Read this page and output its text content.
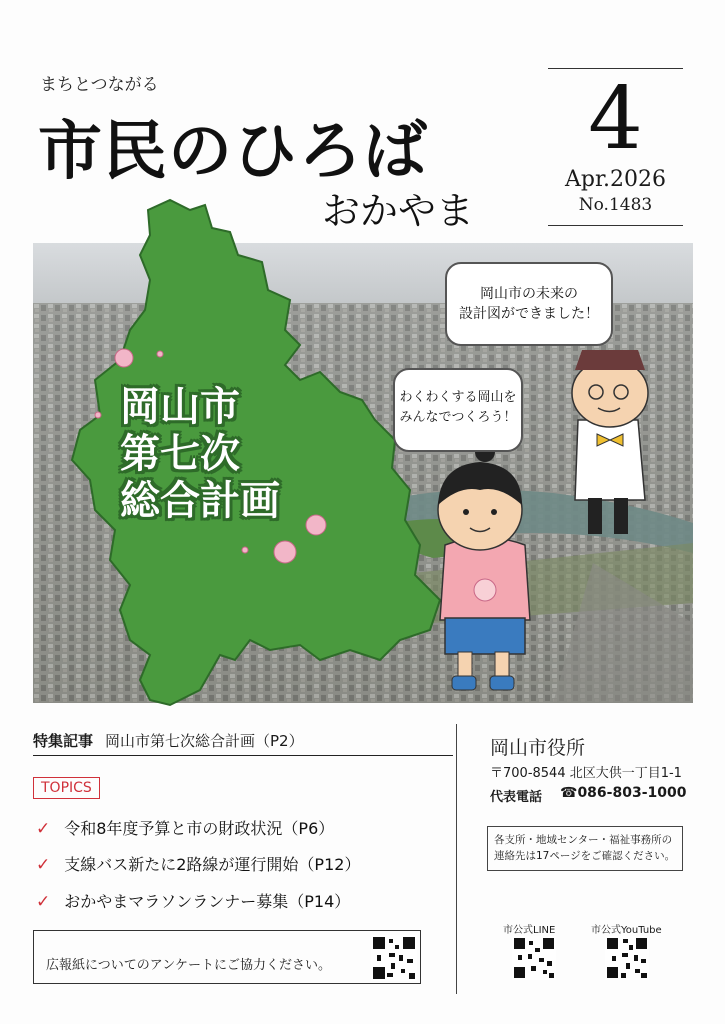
まちとつながる
市民のひろば
おかやま
4
Apr.2026
No.1483
岡山市
第七次
総合計画
岡山市の未来の
設計図ができました！
わくわくする岡山を
みんなでつくろう！
特集記事 岡山市第七次総合計画（P2）
TOPICS
✓ 令和8年度予算と市の財政状況（P6）
✓ 支線バス新たに2路線が運行開始（P12）
✓ おかやまマラソンランナー募集（P14）
広報紙についてのアンケートにご協力ください。
岡山市役所
〒700-8544 北区大供一丁目1-1
代表電話 ☎086-803-1000
各支所・地域センター・福祉事務所の
連絡先は17ページをご確認ください。
市公式LINE	市公式YouTube
